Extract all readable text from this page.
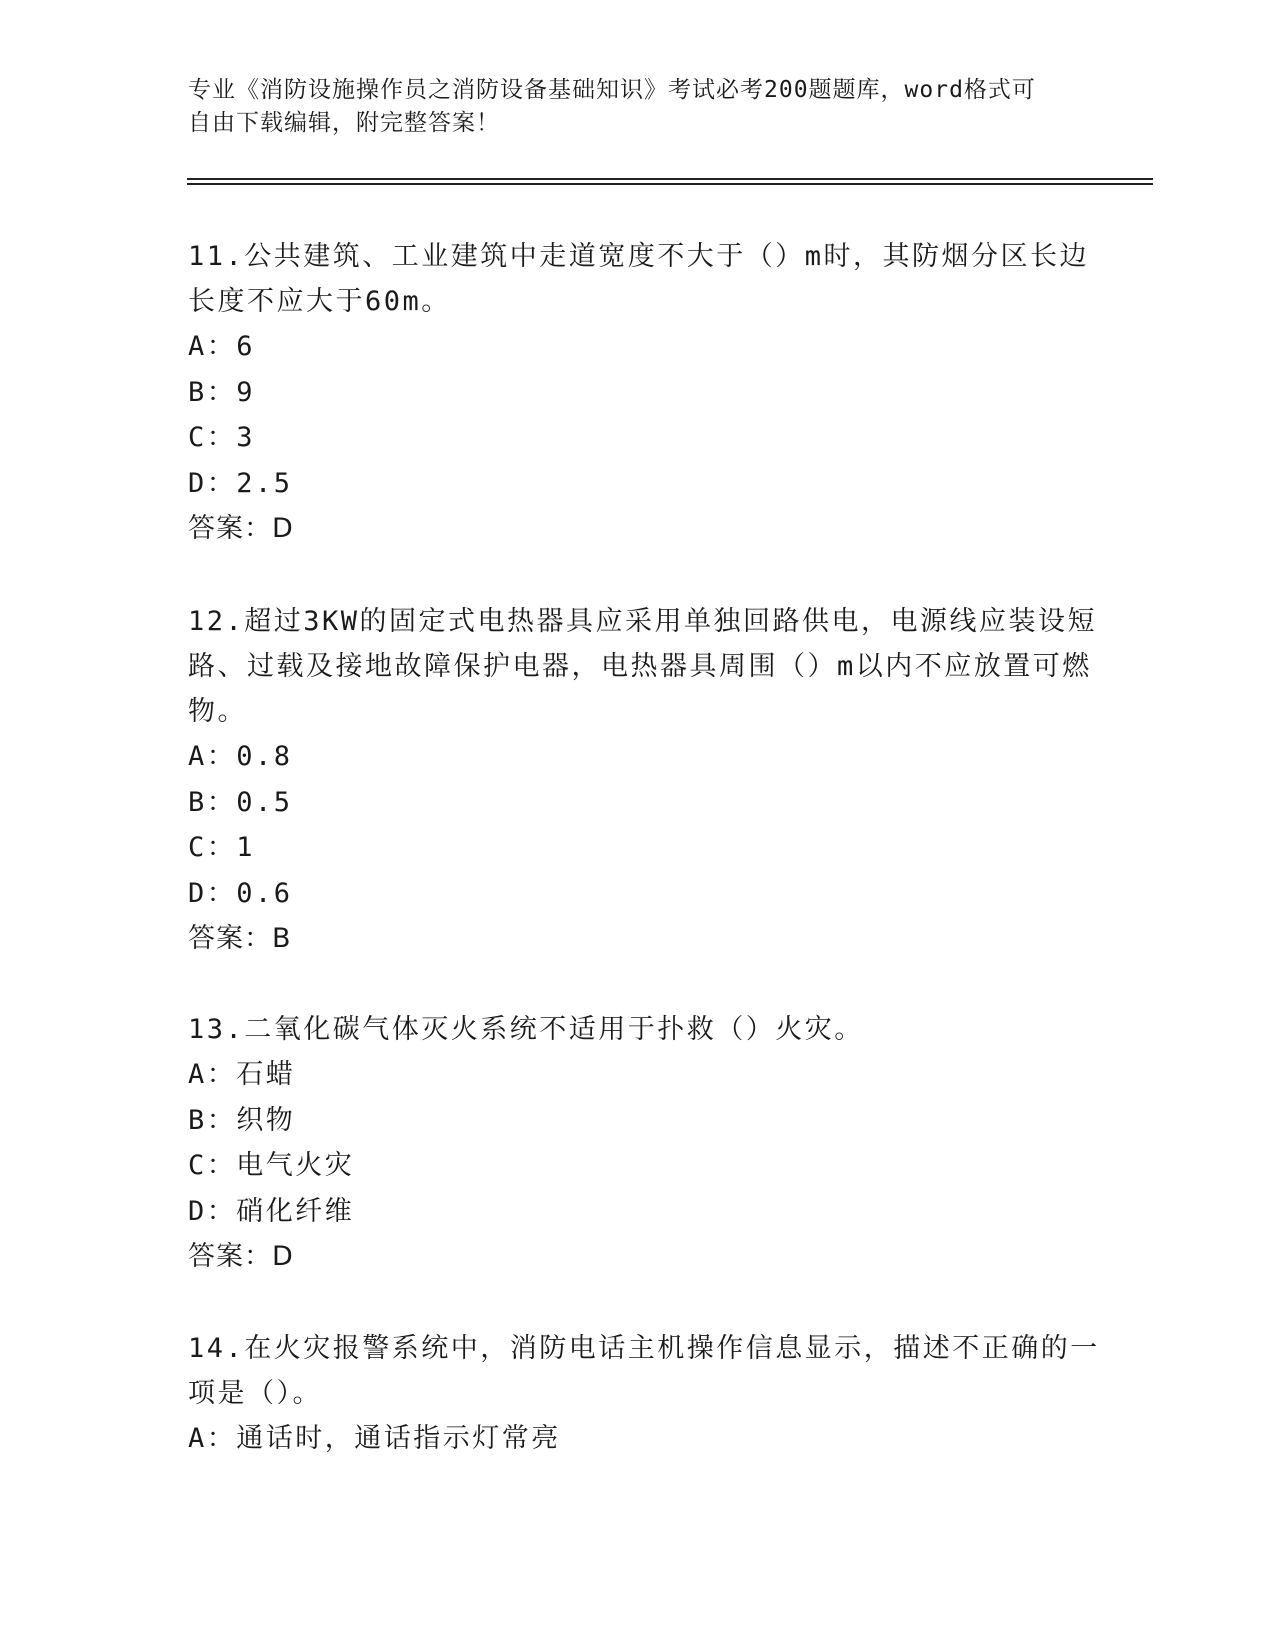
专业《消防设施操作员之消防设备基础知识》考试必考200题题库，word格式可
自由下载编辑，附完整答案！
11.公共建筑、工业建筑中走道宽度不大于（）m时，其防烟分区长边
长度不应大于60m。
A：6
B：9
C：3
D：2.5
答案：D
12.超过3KW的固定式电热器具应采用单独回路供电，电源线应装设短
路、过载及接地故障保护电器，电热器具周围（）m以内不应放置可燃
物。
A：0.8
B：0.5
C：1
D：0.6
答案：B
13.二氧化碳气体灭火系统不适用于扑救（）火灾。
A：石蜡
B：织物
C：电气火灾
D：硝化纤维
答案：D
14.在火灾报警系统中，消防电话主机操作信息显示，描述不正确的一
项是（）。
A：通话时，通话指示灯常亮
